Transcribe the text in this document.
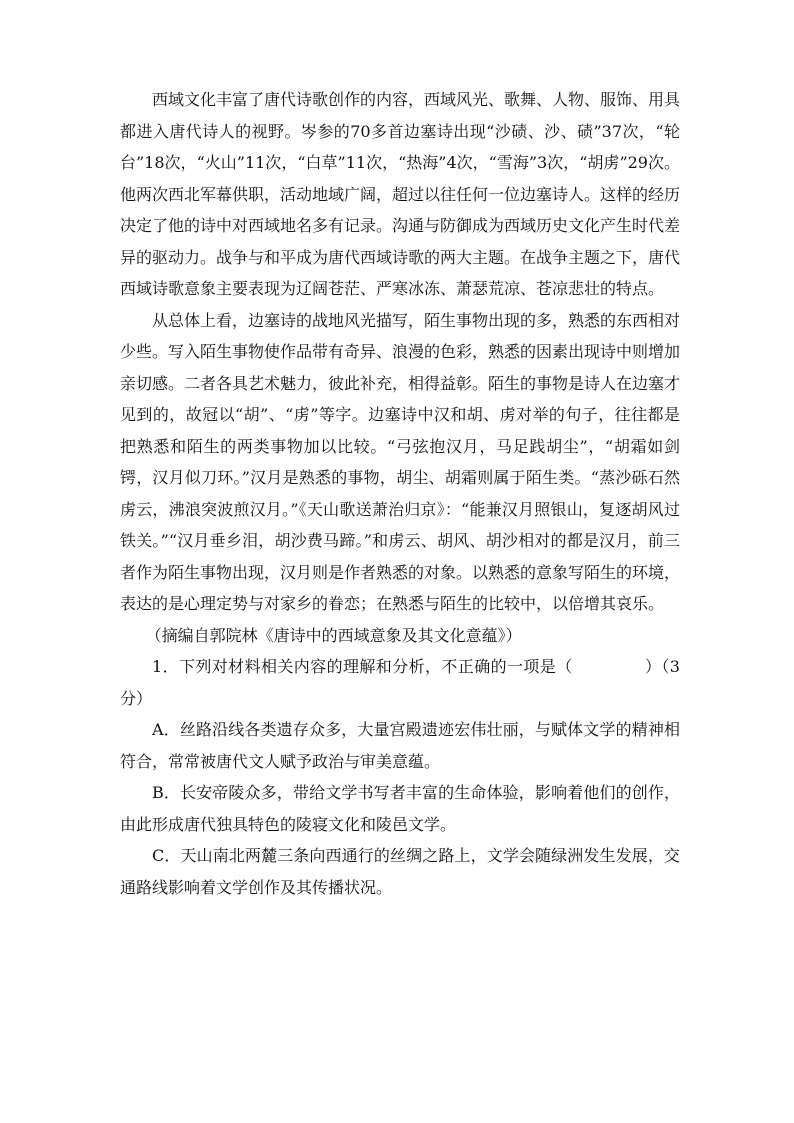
西域文化丰富了唐代诗歌创作的内容，西域风光、歌舞、人物、服饰、用具都进入唐代诗人的视野。岑参的70多首边塞诗出现“沙碛、沙、碛”37次，“轮台”18次，“火山”11次，“白草”11次，“热海”4次，“雪海”3次，“胡虏”29次。他两次西北军幕供职，活动地域广阔，超过以往任何一位边塞诗人。这样的经历决定了他的诗中对西域地名多有记录。沟通与防御成为西域历史文化产生时代差异的驱动力。战争与和平成为唐代西域诗歌的两大主题。在战争主题之下，唐代西域诗歌意象主要表现为辽阔苍茫、严寒冰冻、萧瑟荒凉、苍凉悲壮的特点。

从总体上看，边塞诗的战地风光描写，陌生事物出现的多，熟悉的东西相对少些。写入陌生事物使作品带有奇异、浪漫的色彩，熟悉的因素出现诗中则增加亲切感。二者各具艺术魅力，彼此补充，相得益彰。陌生的事物是诗人在边塞才见到的，故冠以“胡”、“虏”等字。边塞诗中汉和胡、虏对举的句子，往往都是把熟悉和陌生的两类事物加以比较。“弓弦抱汉月，马足践胡尘”，“胡霜如剑锷，汉月似刀环。”汉月是熟悉的事物，胡尘、胡霜则属于陌生类。“蒸沙砾石然虏云，沸浪突波煎汉月。”《天山歌送萧治归京》：“能兼汉月照银山，复逐胡风过铁关。”“汉月垂乡泪，胡沙费马蹄。”和虏云、胡风、胡沙相对的都是汉月，前三者作为陌生事物出现，汉月则是作者熟悉的对象。以熟悉的意象写陌生的环境，表达的是心理定势与对家乡的眷恋；在熟悉与陌生的比较中，以倍增其哀乐。

（摘编自郭院林《唐诗中的西域意象及其文化意蕴》）

1．下列对材料相关内容的理解和分析，不正确的一项是（	）（3分）

A．丝路沿线各类遗存众多，大量宫殿遗迹宏伟壮丽，与赋体文学的精神相符合，常常被唐代文人赋予政治与审美意蕴。

B．长安帝陵众多，带给文学书写者丰富的生命体验，影响着他们的创作，由此形成唐代独具特色的陵寝文化和陵邑文学。

C．天山南北两麓三条向西通行的丝绸之路上，文学会随绿洲发生发展，交通路线影响着文学创作及其传播状况。
